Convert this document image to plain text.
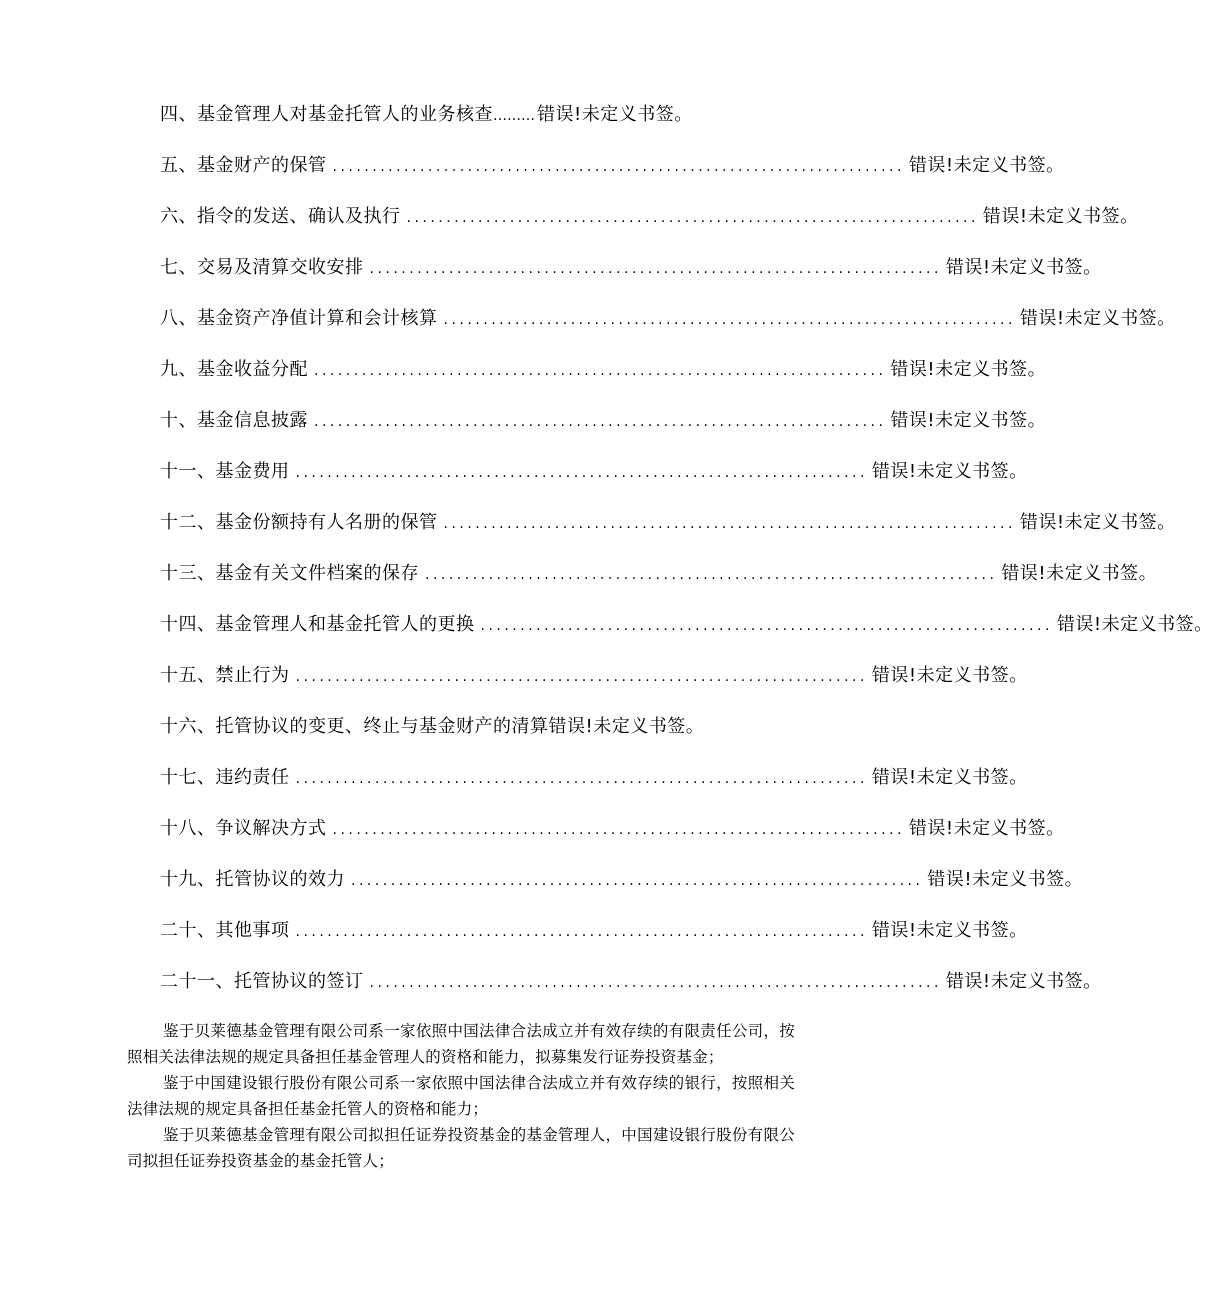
四、基金管理人对基金托管人的业务核查 ……… 错误!未定义书签。
五、基金财产的保管 ........................................................................ 错误!未定义书签。
六、指令的发送、确认及执行 ........................................................................ 错误!未定义书签。
七、交易及清算交收安排 ........................................................................ 错误!未定义书签。
八、基金资产净值计算和会计核算 ........................................................................ 错误!未定义书签。
九、基金收益分配 ........................................................................ 错误!未定义书签。
十、基金信息披露 ........................................................................ 错误!未定义书签。
十一、基金费用 ........................................................................ 错误!未定义书签。
十二、基金份额持有人名册的保管 ........................................................................ 错误!未定义书签。
十三、基金有关文件档案的保存 ........................................................................ 错误!未定义书签。
十四、基金管理人和基金托管人的更换 ........................................................................ 错误!未定义书签。
十五、禁止行为 ........................................................................ 错误!未定义书签。
十六、托管协议的变更、终止与基金财产的清算 错误!未定义书签。
十七、违约责任 ........................................................................ 错误!未定义书签。
十八、争议解决方式 ........................................................................ 错误!未定义书签。
十九、托管协议的效力 ........................................................................ 错误!未定义书签。
二十、其他事项 ........................................................................ 错误!未定义书签。
二十一、托管协议的签订 ........................................................................ 错误!未定义书签。

鉴于贝莱德基金管理有限公司系一家依照中国法律合法成立并有效存续的有限责任公司，按照相关法律法规的规定具备担任基金管理人的资格和能力，拟募集发行证券投资基金；

鉴于中国建设银行股份有限公司系一家依照中国法律合法成立并有效存续的银行，按照相关法律法规的规定具备担任基金托管人的资格和能力；

鉴于贝莱德基金管理有限公司拟担任证券投资基金的基金管理人，中国建设银行股份有限公司拟担任证券投资基金的基金托管人；
